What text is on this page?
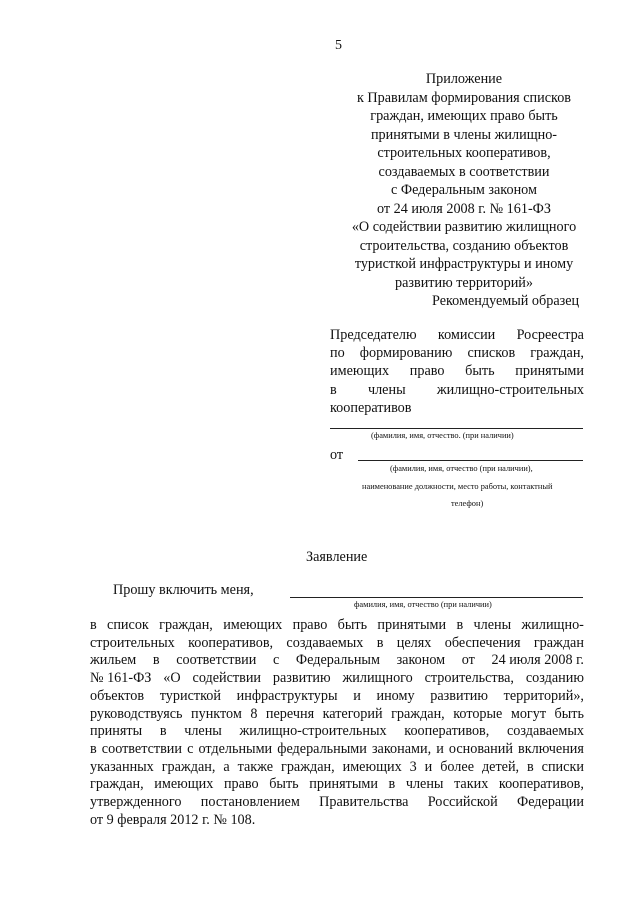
5
Приложение
к Правилам формирования списков
граждан, имеющих право быть
принятыми в члены жилищно-
строительных кооперативов,
создаваемых в соответствии
с Федеральным законом
от 24 июля 2008 г. № 161-ФЗ
«О содействии развитию жилищного
строительства, созданию объектов
туристкой инфраструктуры и иному
развитию территорий»
Рекомендуемый образец
Председателю комиссии Росреестра
по формированию списков граждан,
имеющих право быть принятыми
в члены жилищно-строительных
кооперативов
(фамилия, имя, отчество. (при наличии)
от
(фамилия, имя, отчество (при наличии),
наименование должности, место работы, контактный
телефон)
Заявление
Прошу включить меня,
фамилия, имя, отчество (при наличии)
в список граждан, имеющих право быть принятыми в члены жилищно-
строительных кооперативов, создаваемых в целях обеспечения граждан
жильем в соответствии с Федеральным законом от 24 июля 2008 г.
№ 161-ФЗ «О содействии развитию жилищного строительства, созданию
объектов туристкой инфраструктуры и иному развитию территорий»,
руководствуясь пунктом 8 перечня категорий граждан, которые могут быть
приняты в члены жилищно-строительных кооперативов, создаваемых
в соответствии с отдельными федеральными законами, и оснований включения
указанных граждан, а также граждан, имеющих 3 и более детей, в списки
граждан, имеющих право быть принятыми в члены таких кооперативов,
утвержденного постановлением Правительства Российской Федерации
от 9 февраля 2012 г. № 108.
